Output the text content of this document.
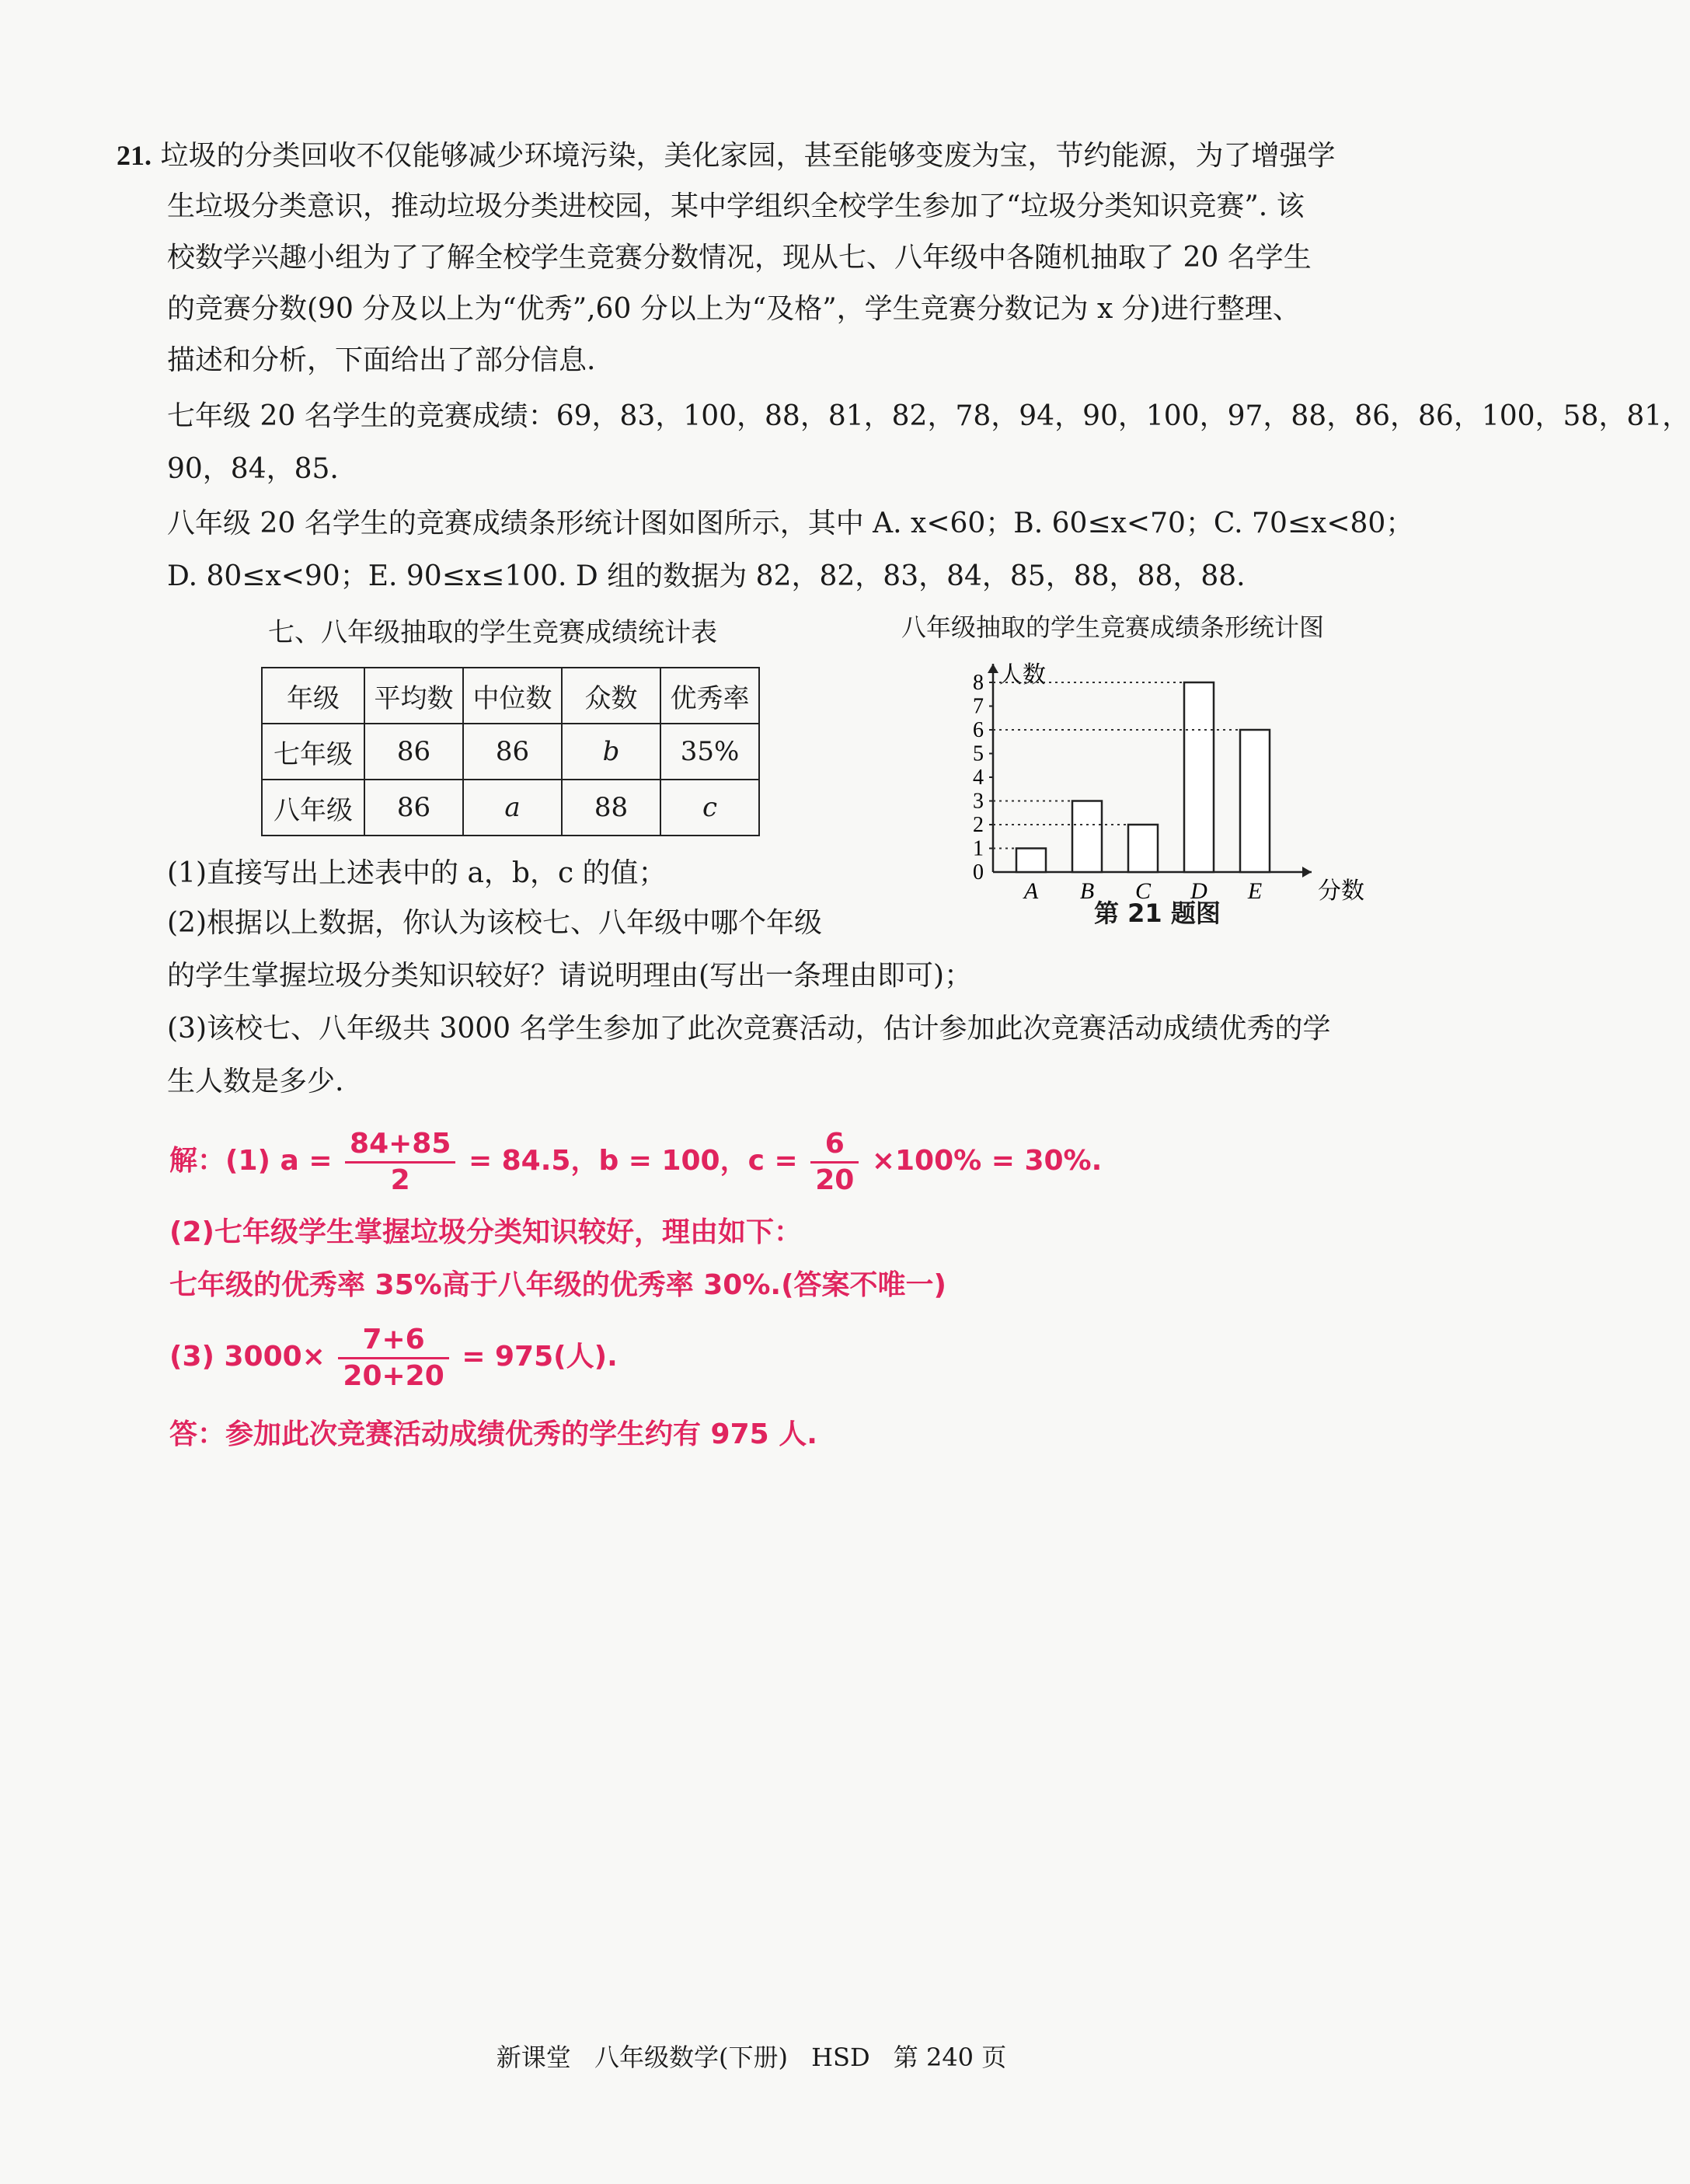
21. 垃圾的分类回收不仅能够减少环境污染，美化家园，甚至能够变废为宝，节约能源，为了增强学
生垃圾分类意识，推动垃圾分类进校园，某中学组织全校学生参加了“垃圾分类知识竞赛”. 该
校数学兴趣小组为了了解全校学生竞赛分数情况，现从七、八年级中各随机抽取了 20 名学生
的竞赛分数(90 分及以上为“优秀”,60 分以上为“及格”，学生竞赛分数记为 x 分)进行整理、
描述和分析，下面给出了部分信息.
七年级 20 名学生的竞赛成绩：69，83，100，88，81，82，78，94，90，100，97，88，86，86，100，58，81，
90，84，85.
八年级 20 名学生的竞赛成绩条形统计图如图所示，其中 A. x<60；B. 60≤x<70；C. 70≤x<80；
D. 80≤x<90；E. 90≤x≤100. D 组的数据为 82，82，83，84，85，88，88，88.
七、八年级抽取的学生竞赛成绩统计表
年级	平均数	中位数	众数	优秀率
七年级	86	86	b	35%
八年级	86	a	88	c
八年级抽取的学生竞赛成绩条形统计图
0
1
2
3
4
5
6
7
8 人数
A B C D E 分数
第 21 题图
(1)直接写出上述表中的 a，b，c 的值；
(2)根据以上数据，你认为该校七、八年级中哪个年级
的学生掌握垃圾分类知识较好？请说明理由(写出一条理由即可)；
(3)该校七、八年级共 3000 名学生参加了此次竞赛活动，估计参加此次竞赛活动成绩优秀的学
生人数是多少.
解：(1) $a = \frac{84+85}{2} = 84.5$，b = 100，$c = \frac{6}{20} \times 100\% = 30\%$.
(2)七年级学生掌握垃圾分类知识较好，理由如下：
七年级的优秀率 35%高于八年级的优秀率 30%.(答案不唯一)
(3) $3000\times \frac{7+6}{20+20} = 975$(人).
答：参加此次竞赛活动成绩优秀的学生约有 975 人.
新课堂 八年级数学(下册) HSD 第 240 页
